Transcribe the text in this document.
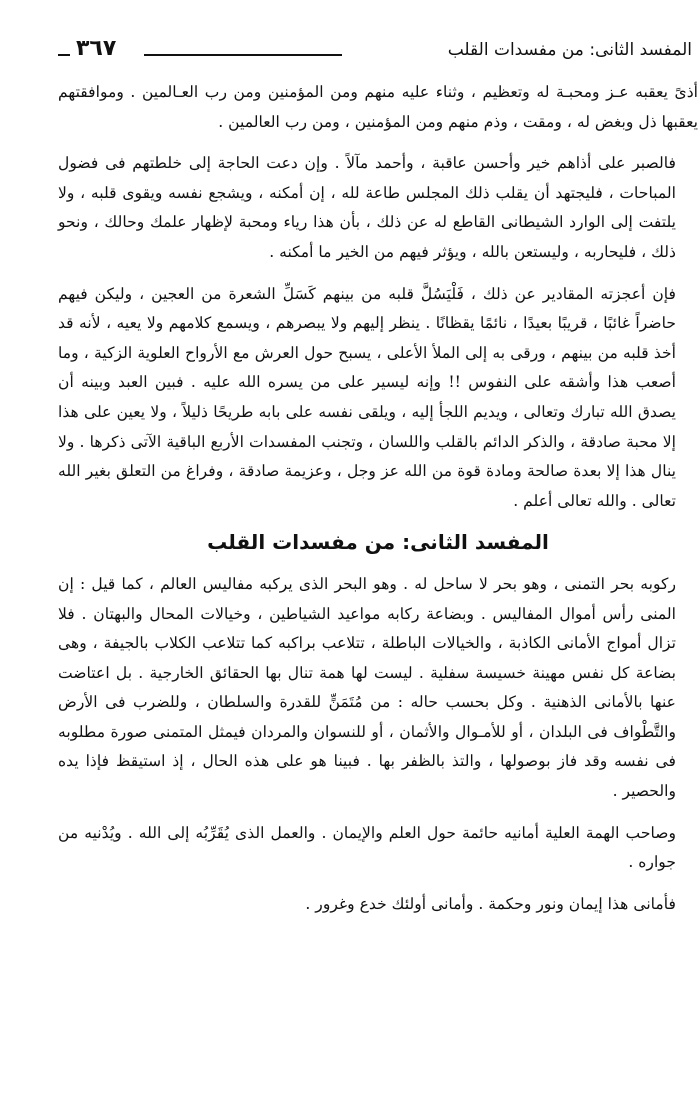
المفسد الثانى: من مفسدات القلب
٣٦٧

أذىً يعقبه عـز ومحبـة له وتعظيم ، وثناء عليه منهم ومن المؤمنين ومن رب العـالمين . وموافقتهم يعقبها ذل وبغض له ، ومقت ، وذم منهم ومن المؤمنين ، ومن رب العالمين .

فالصبر على أذاهم خير وأحسن عاقبة ، وأحمد مآلاً . وإن دعت الحاجة إلى خلطتهم فى فضول المباحات ، فليجتهد أن يقلب ذلك المجلس طاعة لله ، إن أمكنه ، ويشجع نفسه ويقوى قلبه ، ولا يلتفت إلى الوارد الشيطانى القاطع له عن ذلك ، بأن هذا رياء ومحبة لإظهار علمك وحالك ، ونحو ذلك ، فليحاربه ، وليستعن بالله ، ويؤثر فيهم من الخير ما أمكنه .

فإن أعجزته المقادير عن ذلك ، فَلْيَسُلَّ قلبه من بينهم كَسَلِّ الشعرة من العجين ، وليكن فيهم حاضراً غائبًا ، قريبًا بعيدًا ، نائمًا يقظانًا . ينظر إليهم ولا يبصرهم ، ويسمع كلامهم ولا يعيه ، لأنه قد أخذ قلبه من بينهم ، ورقى به إلى الملأ الأعلى ، يسبح حول العرش مع الأرواح العلوية الزكية ، وما أصعب هذا وأشقه على النفوس !! وإنه ليسير على من يسره الله عليه . فبين العبد وبينه أن يصدق الله تبارك وتعالى ، ويديم اللجأ إليه ، ويلقى نفسه على بابه طريحًا ذليلاً ، ولا يعين على هذا إلا محبة صادقة ، والذكر الدائم بالقلب واللسان ، وتجنب المفسدات الأربع الباقية الآتى ذكرها . ولا ينال هذا إلا بعدة صالحة ومادة قوة من الله عز وجل ، وعزيمة صادقة ، وفراغ من التعلق بغير الله تعالى . والله تعالى أعلم .

المفسد الثانى: من مفسدات القلب

ركوبه بحر التمنى ، وهو بحر لا ساحل له . وهو البحر الذى يركبه مفاليس العالم ، كما قيل : إن المنى رأس أموال المفاليس . وبضاعة ركابه مواعيد الشياطين ، وخيالات المحال والبهتان . فلا تزال أمواج الأمانى الكاذبة ، والخيالات الباطلة ، تتلاعب براكبه كما تتلاعب الكلاب بالجيفة ، وهى بضاعة كل نفس مهينة خسيسة سفلية . ليست لها همة تنال بها الحقائق الخارجية . بل اعتاضت عنها بالأمانى الذهنية . وكل بحسب حاله : من مُتَمَنٍّ للقدرة والسلطان ، وللضرب فى الأرض والتَّطْواف فى البلدان ، أو للأمـوال والأثمان ، أو للنسوان والمردان فيمثل المتمنى صورة مطلوبه فى نفسه وقد فاز بوصولها ، والتذ بالظفر بها . فبينا هو على هذه الحال ، إذ استيقظ فإذا يده والحصير .

وصاحب الهمة العلية أمانيه حائمة حول العلم والإيمان . والعمل الذى يُقَرِّبُه إلى الله . ويُدْنيه من جواره .

فأمانى هذا إيمان ونور وحكمة . وأمانى أولئك خدع وغرور .
